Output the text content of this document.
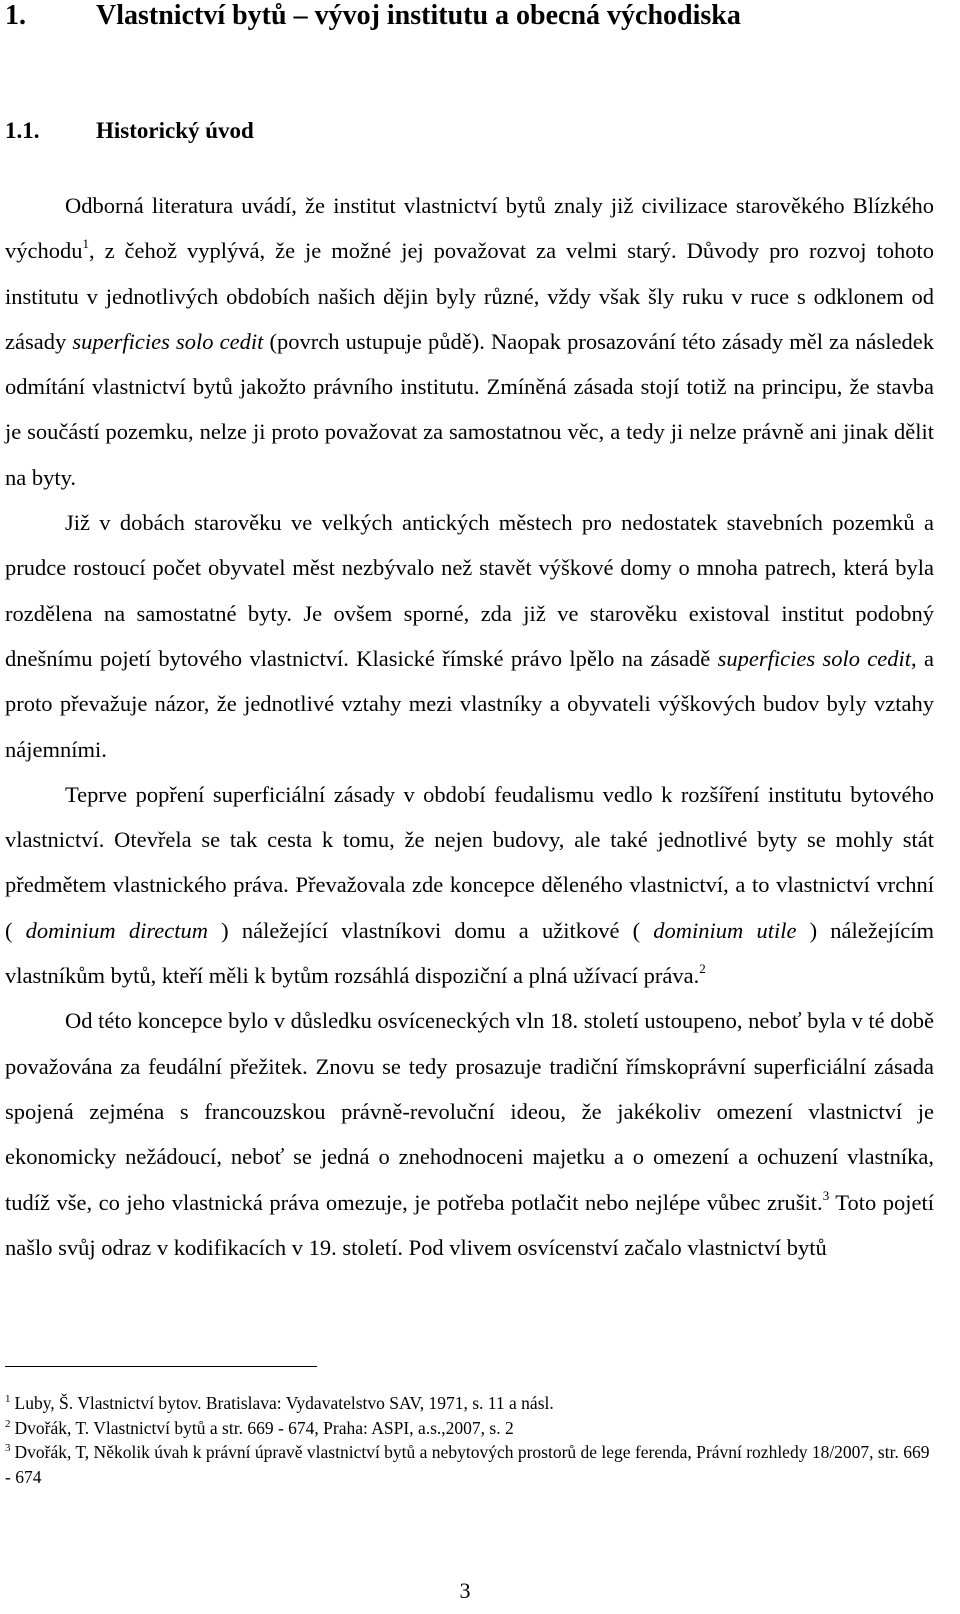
1.	Vlastnictví bytů – vývoj institutu a obecná východiska
1.1. Historický úvod

Odborná literatura uvádí, že institut vlastnictví bytů znaly již civilizace starověkého Blízkého východu$^1$, z čehož vyplývá, že je možné jej považovat za velmi starý. Důvody pro rozvoj tohoto institutu v jednotlivých obdobích našich dějin byly různé, vždy však šly ruku v ruce s odklonem od zásady superficies solo cedit (povrch ustupuje půdě). Naopak prosazování této zásady měl za následek odmítání vlastnictví bytů jakožto právního institutu. Zmíněná zásada stojí totiž na principu, že stavba je součástí pozemku, nelze ji proto považovat za samostatnou věc, a tedy ji nelze právně ani jinak dělit na byty.

Již v dobách starověku ve velkých antických městech pro nedostatek stavebních pozemků a prudce rostoucí počet obyvatel měst nezbývalo než stavět výškové domy o mnoha patrech, která byla rozdělena na samostatné byty. Je ovšem sporné, zda již ve starověku existoval institut podobný dnešnímu pojetí bytového vlastnictví. Klasické římské právo lpělo na zásadě superficies solo cedit, a proto převažuje názor, že jednotlivé vztahy mezi vlastníky a obyvateli výškových budov byly vztahy nájemními.

Teprve popření superficiální zásady v období feudalismu vedlo k rozšíření institutu bytového vlastnictví. Otevřela se tak cesta k tomu, že nejen budovy, ale také jednotlivé byty se mohly stát předmětem vlastnického práva. Převažovala zde koncepce děleného vlastnictví, a to vlastnictví vrchní ( dominium directum ) náležející vlastníkovi domu a užitkové ( dominium utile ) náležejícím vlastníkům bytů, kteří měli k bytům rozsáhlá dispoziční a plná užívací práva.$^2$

Od této koncepce bylo v důsledku osvíceneckých vln 18. století ustoupeno, neboť byla v té době považována za feudální přežitek. Znovu se tedy prosazuje tradiční římskoprávní superficiální zásada spojená zejména s francouzskou právně-revoluční ideou, že jakékoliv omezení vlastnictví je ekonomicky nežádoucí, neboť se jedná o znehodnoceni majetku a o omezení a ochuzení vlastníka, tudíž vše, co jeho vlastnická práva omezuje, je potřeba potlačit nebo nejlépe vůbec zrušit.$^3$ Toto pojetí našlo svůj odraz v kodifikacích v 19. století. Pod vlivem osvícenství začalo vlastnictví bytů

$^1$ Luby, Š. Vlastnictví bytov. Bratislava: Vydavatelstvo SAV, 1971, s. 11 a násl.

$^2$ Dvořák, T. Vlastnictví bytů a str. 669 - 674, Praha: ASPI, a.s.,2007, s. 2

$^3$ Dvořák, T, Několik úvah k právní úpravě vlastnictví bytů a nebytových prostorů de lege ferenda, Právní rozhledy 18/2007, str. 669 - 674

3
